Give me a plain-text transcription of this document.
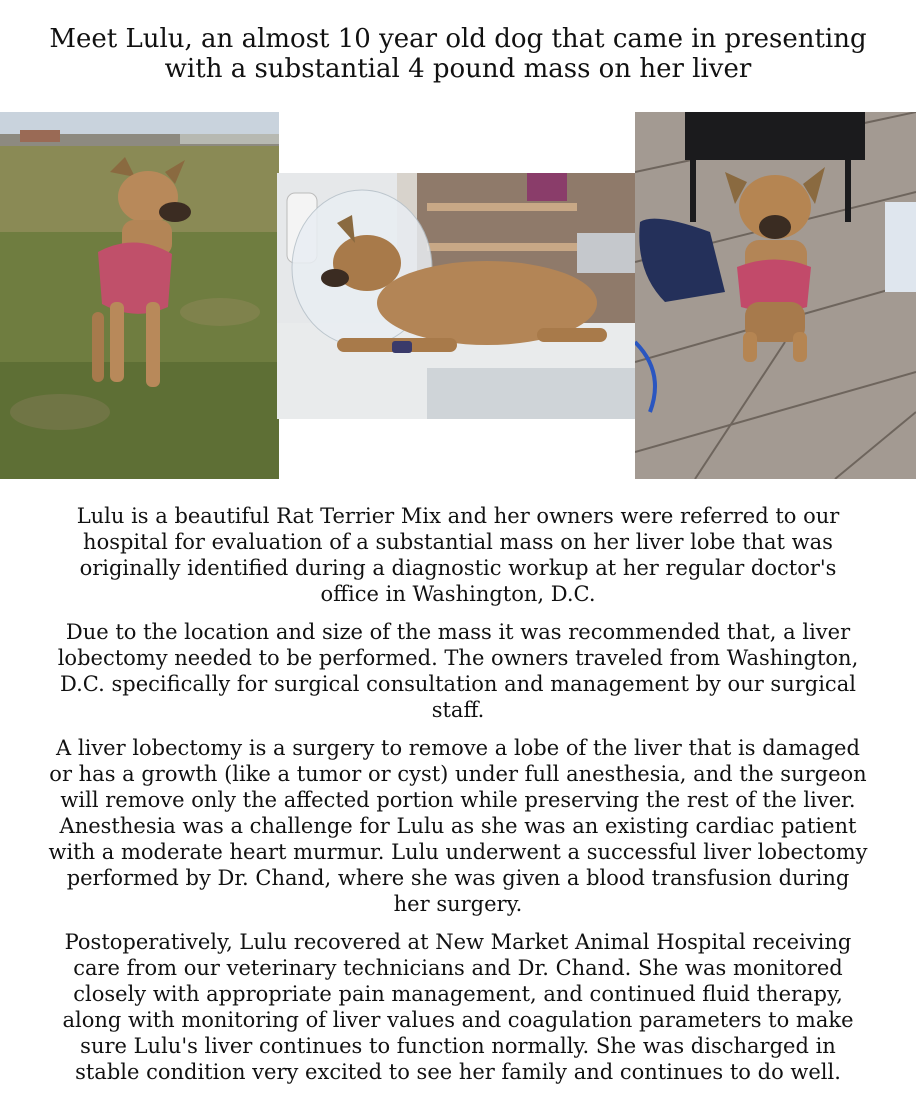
Meet Lulu, an almost 10 year old dog that came in presenting
with a substantial 4 pound mass on her liver

Lulu is a beautiful Rat Terrier Mix and her owners were referred to our hospital for evaluation of a substantial mass on her liver lobe that was originally identified during a diagnostic workup at her regular doctor's office in Washington, D.C.

Due to the location and size of the mass it was recommended that, a liver lobectomy needed to be performed. The owners traveled from Washington, D.C. specifically for surgical consultation and management by our surgical staff.

A liver lobectomy is a surgery to remove a lobe of the liver that is damaged or has a growth (like a tumor or cyst) under full anesthesia, and the surgeon will remove only the affected portion while preserving the rest of the liver. Anesthesia was a challenge for Lulu as she was an existing cardiac patient with a moderate heart murmur. Lulu underwent a successful liver lobectomy performed by Dr. Chand, where she was given a blood transfusion during her surgery.

Postoperatively, Lulu recovered at New Market Animal Hospital receiving care from our veterinary technicians and Dr. Chand. She was monitored closely with appropriate pain management, and continued fluid therapy, along with monitoring of liver values and coagulation parameters to make sure Lulu's liver continues to function normally. She was discharged in stable condition very excited to see her family and continues to do well.
